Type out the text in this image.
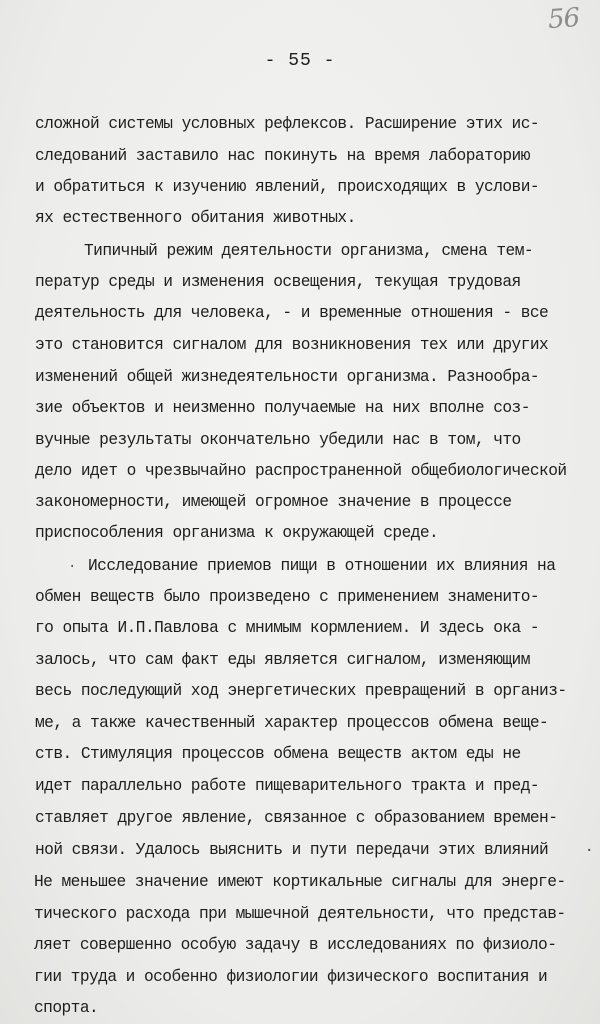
56
- 55 -
сложной системы условных рефлексов. Расширение этих ис-
следований заставило нас покинуть на время лабораторию
и обратиться к изучению явлений, происходящих в услови-
ях естественного обитания животных.
Типичный режим деятельности организма, смена тем-
ператур среды и изменения освещения, текущая трудовая
деятельность для человека, - и временные отношения - все
это становится сигналом для возникновения тех или других
изменений общей жизнедеятельности организма. Разнообра-
зие объектов и неизменно получаемые на них вполне соз-
вучные результаты окончательно убедили нас в том, что
дело идет о чрезвычайно распространенной общебиологической
закономерности, имеющей огромное значение в процессе
приспособления организма к окружающей среде.
. Исследование приемов пищи в отношении их влияния на
обмен веществ было произведено с применением знаменито-
го опыта И.П.Павлова с мнимым кормлением. И здесь ока -
залось, что сам факт еды является сигналом, изменяющим
весь последующий ход энергетических превращений в организ-
ме, а также качественный характер процессов обмена веще-
ств. Стимуляция процессов обмена веществ актом еды не
идет параллельно работе пищеварительного тракта и пред-
ставляет другое явление, связанное с образованием времен-
ной связи. Удалось выяснить и пути передачи этих влияний	.
Не меньшее значение имеют кортикальные сигналы для энерге-
тического расхода при мышечной деятельности, что представ-
ляет совершенно особую задачу в исследованиях по физиоло-
гии труда и особенно физиологии физического воспитания и
спорта.
